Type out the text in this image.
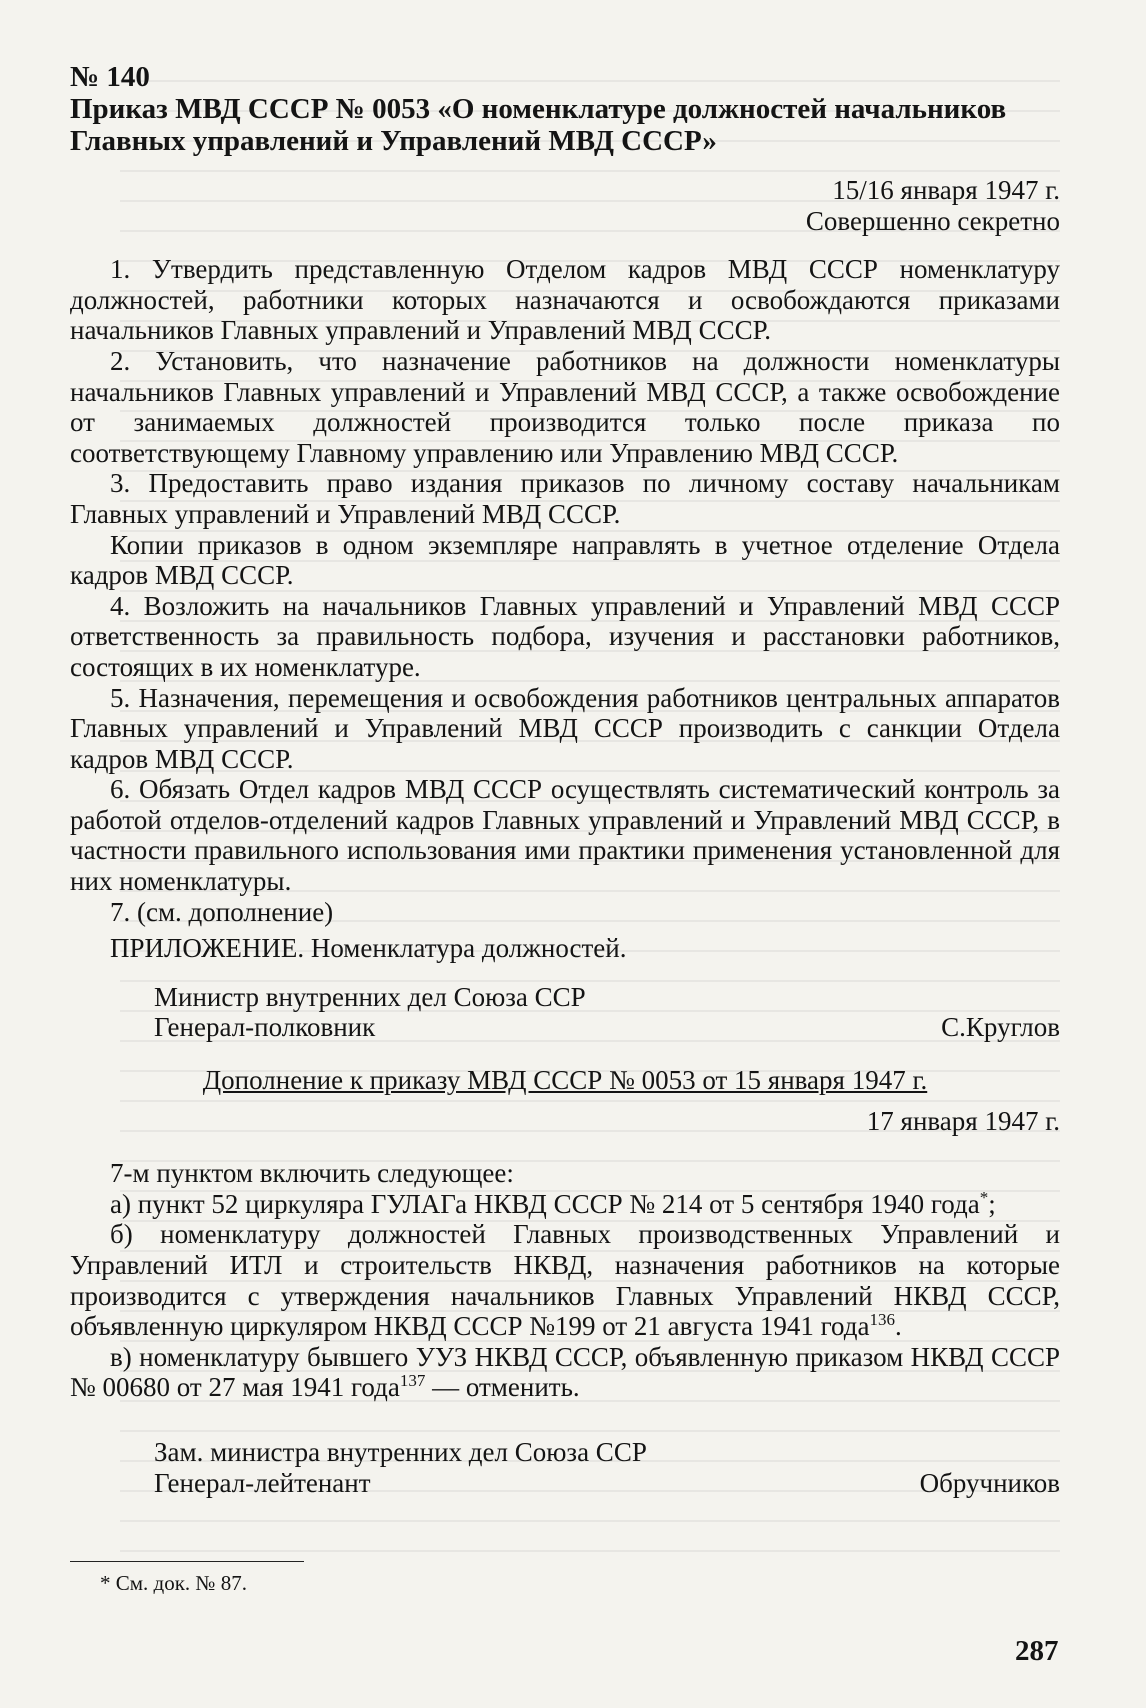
№ 140
Приказ МВД СССР № 0053 «О номенклатуре должностей начальников Главных управлений и Управлений МВД СССР»
15/16 января 1947 г.
Совершенно секретно

1. Утвердить представленную Отделом кадров МВД СССР номенклатуру должностей, работники которых назначаются и освобождаются приказами начальников Главных управлений и Управлений МВД СССР.

2. Установить, что назначение работников на должности номенклатуры начальников Главных управлений и Управлений МВД СССР, а также освобождение от занимаемых должностей производится только после приказа по соответствующему Главному управлению или Управлению МВД СССР.

3. Предоставить право издания приказов по личному составу начальникам Главных управлений и Управлений МВД СССР.

Копии приказов в одном экземпляре направлять в учетное отделение Отдела кадров МВД СССР.

4. Возложить на начальников Главных управлений и Управлений МВД СССР ответственность за правильность подбора, изучения и расстановки работников, состоящих в их номенклатуре.

5. Назначения, перемещения и освобождения работников центральных аппаратов Главных управлений и Управлений МВД СССР производить с санкции Отдела кадров МВД СССР.

6. Обязать Отдел кадров МВД СССР осуществлять систематический контроль за работой отделов-отделений кадров Главных управлений и Управлений МВД СССР, в частности правильного использования ими практики применения установленной для них номенклатуры.

7. (см. дополнение)

ПРИЛОЖЕНИЕ. Номенклатура должностей.
Министр внутренних дел Союза ССР
Генерал-полковник	С.Круглов
Дополнение к приказу МВД СССР № 0053 от 15 января 1947 г.
17 января 1947 г.

7-м пунктом включить следующее:

а) пункт 52 циркуляра ГУЛАГа НКВД СССР № 214 от 5 сентября 1940 года*;

б) номенклатуру должностей Главных производственных Управлений и Управлений ИТЛ и строительств НКВД, назначения работников на которые производится с утверждения начальников Главных Управлений НКВД СССР, объявленную циркуляром НКВД СССР №199 от 21 августа 1941 года$^{136}$.

в) номенклатуру бывшего УУЗ НКВД СССР, объявленную приказом НКВД СССР № 00680 от 27 мая 1941 года$^{137}$ — отменить.

Зам. министра внутренних дел Союза ССР
Генерал-лейтенант	Обручников
* См. док. № 87.
287
